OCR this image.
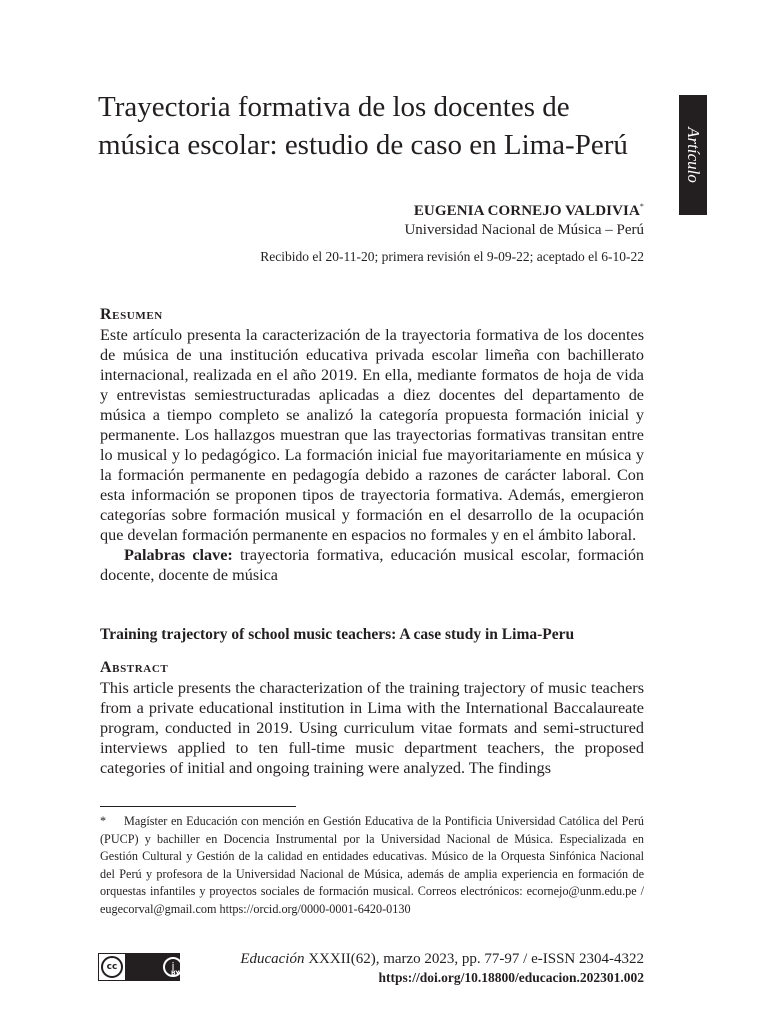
Trayectoria formativa de los docentes de
música escolar: estudio de caso en Lima-Perú	Artículo
EUGENIA CORNEJO VALDIVIA*
Universidad Nacional de Música – Perú
Recibido el 20-11-20; primera revisión el 9-09-22; aceptado el 6-10-22
Resumen

Este artículo presenta la caracterización de la trayectoria formativa de los docentes de música de una institución educativa privada escolar limeña con bachillerato internacional, realizada en el año 2019. En ella, mediante formatos de hoja de vida y entrevistas semiestructuradas aplicadas a diez docentes del departamento de música a tiempo completo se analizó la categoría propuesta formación inicial y permanente. Los hallazgos muestran que las trayectorias formativas transitan entre lo musical y lo pedagógico. La formación inicial fue mayoritariamente en música y la formación permanente en pedagogía debido a razones de carácter laboral. Con esta información se proponen tipos de trayectoria formativa. Además, emergieron categorías sobre formación musical y formación en el desarrollo de la ocupación que develan formación permanente en espacios no formales y en el ámbito laboral.

Palabras clave: trayectoria formativa, educación musical escolar, formación docente, docente de música

Training trajectory of school music teachers: A case study in Lima-Peru
Abstract

This article presents the characterization of the training trajectory of music teachers from a private educational institution in Lima with the International Baccalaureate program, conducted in 2019. Using curriculum vitae formats and semi-structured interviews applied to ten full-time music department teachers, the proposed categories of initial and ongoing training were analyzed. The findings

* Magíster en Educación con mención en Gestión Educativa de la Pontificia Universidad Católica del Perú (PUCP) y bachiller en Docencia Instrumental por la Universidad Nacional de Música. Especializada en Gestión Cultural y Gestión de la calidad en entidades educativas. Músico de la Orquesta Sinfónica Nacional del Perú y profesora de la Universidad Nacional de Música, además de amplia experiencia en formación de orquestas infantiles y proyectos sociales de formación musical. Correos electrónicos: ecornejo@unm.edu.pe / eugecorval@gmail.com https://orcid.org/0000-0001-6420-0130
cc	i
BY
Educación XXXII(62), marzo 2023, pp. 77-97 / e-ISSN 2304-4322
https://doi.org/10.18800/educacion.202301.002
